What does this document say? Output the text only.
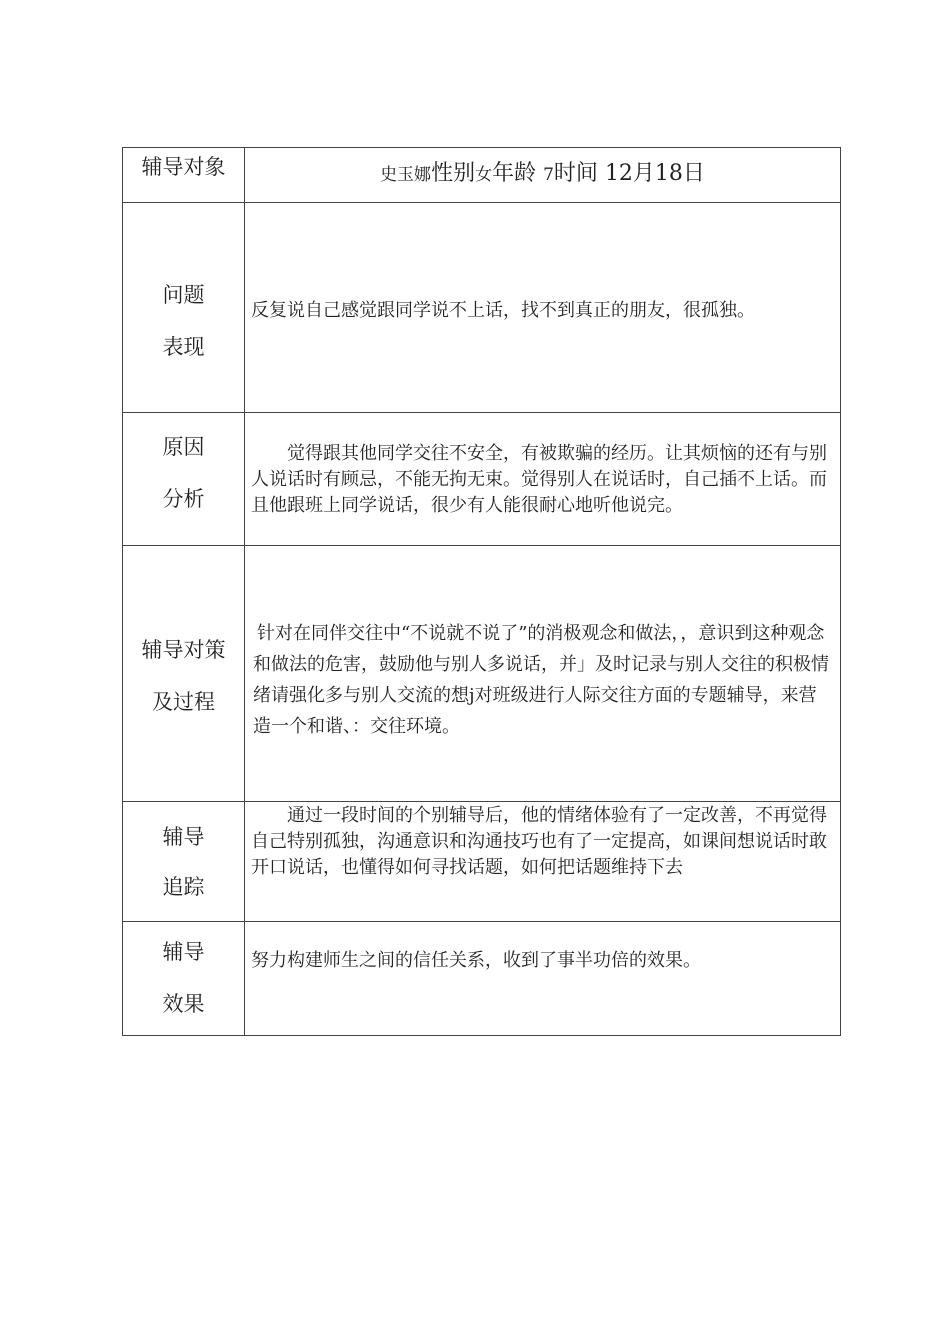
辅导对象	史玉娜性别女年龄 7时间 12月18日

问题
表现	反复说自己感觉跟同学说不上话，找不到真正的朋友，很孤独。

原因
分析	觉得跟其他同学交往不安全，有被欺骗的经历。让其烦恼的还有与别人说话时有顾忌，不能无拘无束。觉得别人在说话时，自己插不上话。而且他跟班上同学说话，很少有人能很耐心地听他说完。

辅导对策
及过程	针对在同伴交往中“不说就不说了”的消极观念和做法，，意识到这种观念和做法的危害，鼓励他与别人多说话，并」及时记录与别人交往的积极情绪请强化多与别人交流的想j对班级进行人际交往方面的专题辅导，来营造一个和谐、：交往环境。

辅导
追踪	通过一段时间的个别辅导后，他的情绪体验有了一定改善，不再觉得自己特别孤独，沟通意识和沟通技巧也有了一定提高，如课间想说话时敢开口说话，也懂得如何寻找话题，如何把话题维持下去

辅导
效果	努力构建师生之间的信任关系，收到了事半功倍的效果。
